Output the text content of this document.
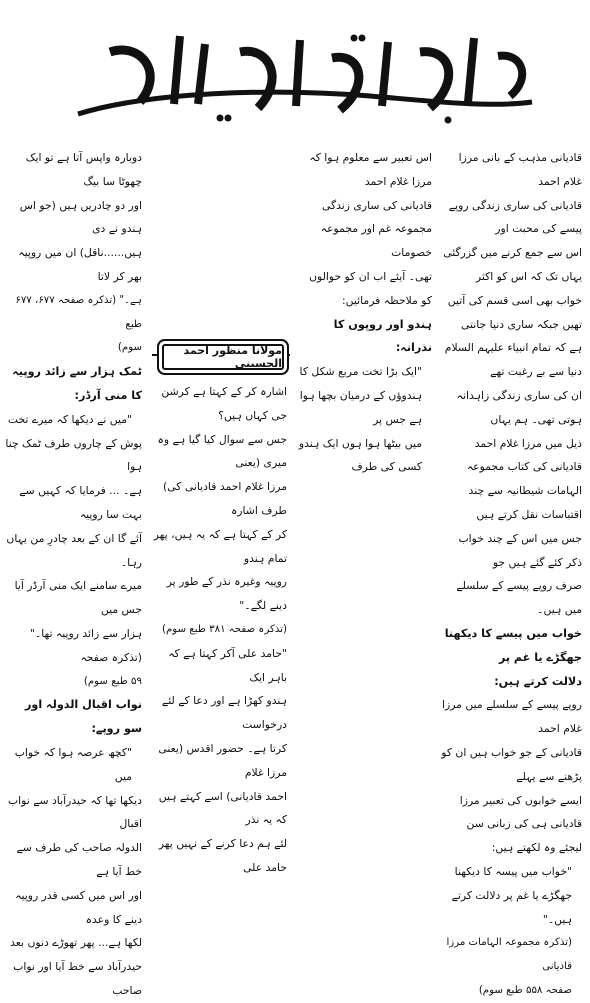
قادیانی مذہب کے بانی مرزا غلام احمد

قادیانی کی ساری زندگی روپے پیسے کی محبت اور

اس سے جمع کرنے میں گزرگئی یہاں تک کہ اس کو اکثر

خواب بھی اسی قسم کی آتیں تھیں جبکہ ساری دنیا جانتی

ہے کہ تمام انبیاء علیہم السلام دنیا سے بے رغبت تھے

ان کی ساری زندگی زاہدانہ ہوتی تھی۔ ہم یہاں

ذیل میں مرزا غلام احمد قادیانی کی کتاب مجموعہ

الہامات شیطانیہ سے چند اقتباسات نقل کرتے ہیں

جس میں اس کے چند خواب ذکر کئے گئے ہیں جو

صرف روپے پیسے کے سلسلے میں ہیں۔

خواب میں پیسے کا دیکھنا جھگڑے یا غم پر

دلالت کرتے ہیں:

روپے پیسے کے سلسلے میں مرزا غلام احمد

قادیانی کے جو خواب ہیں ان کو پڑھنے سے پہلے

ایسے خوابوں کی تعبیر مرزا قادیانی ہی کی زبانی سن

لیجئے وہ لکھتے ہیں:

"خواب میں پیسہ کا دیکھنا

جھگڑے یا غم پر دلالت کرتے ہیں۔"

(تذکرہ مجموعہ الہامات مرزا قادیانی

صفحہ ۵۵۸ طبع سوم)

اس تعبیر سے معلوم ہوا کہ مرزا غلام احمد

قادیانی کی ساری زندگی مجموعہ غم اور مجموعہ خصومات

تھی۔ آیئے اب ان کو حوالوں کو ملاحظہ فرمائیں:

ہندو اور روپوں کا نذرانہ:

"ایک بڑا تخت مربع شکل کا

ہندوؤں کے درمیان بچھا ہوا ہے جس پر

میں بیٹھا ہوا ہوں ایک ہندو کسی کی طرف

اشارہ کر کے کہتا ہے کرشن جی کہاں ہیں؟

جس سے سوال کیا گیا ہے وہ میری (یعنی

مرزا غلام احمد قادیانی کی) طرف اشارہ

کر کے کہتا ہے کہ یہ ہیں، پھر تمام ہندو

روپیہ وغیرہ نذر کے طور پر دینے لگے۔"

(تذکرہ صفحہ ۳۸۱ طبع سوم)

"حامد علی آکر کہتا ہے کہ باہر ایک

ہندو کھڑا ہے اور دعا کے لئے درخواست

کرتا ہے۔ حضور اقدس (یعنی مرزا غلام

احمد قادیانی) اسے کہتے ہیں کہ یہ نذر

لئے ہم دعا کرنے کے نہیں پھر حامد علی

دوبارہ واپس آتا ہے تو ایک چھوٹا سا بیگ

اور دو چادریں ہیں (جو اس ہندو نے دی

ہیں......ناقل) ان میں روپیہ بھر کر لاتا

ہے۔" (تذکرہ صفحہ ۶۷۷، ۶۷۷ طبع

سوم)

ٹمک ہزار سے زائد روپیہ کا منی آرڈر:

"میں نے دیکھا کہ میرے تخت

پوش کے چاروں طرف ٹمک چنا ہوا

ہے۔ ... فرمایا کہ کہیں سے بہت سا روپیہ

آئے گا ان کے بعد چادرِ من یہاں رہا۔

میرے سامنے ایک منی آرڈر آیا جس میں

ہزار سے زائد روپیہ تھا۔" (تذکرہ صفحہ

۵۹ طبع سوم)

نواب اقبال الدولہ اور سو روپے:

"کچھ عرصہ ہوا کہ خواب میں

دیکھا تھا کہ حیدرآباد سے نواب اقبال

الدولہ صاحب کی طرف سے خط آیا ہے

اور اس میں کسی قدر روپیہ دینے کا وعدہ

لکھا ہے... پھر تھوڑے دنوں بعد

حیدرآباد سے خط آیا اور نواب صاحب

مولانا منظور احمد الحسینی
